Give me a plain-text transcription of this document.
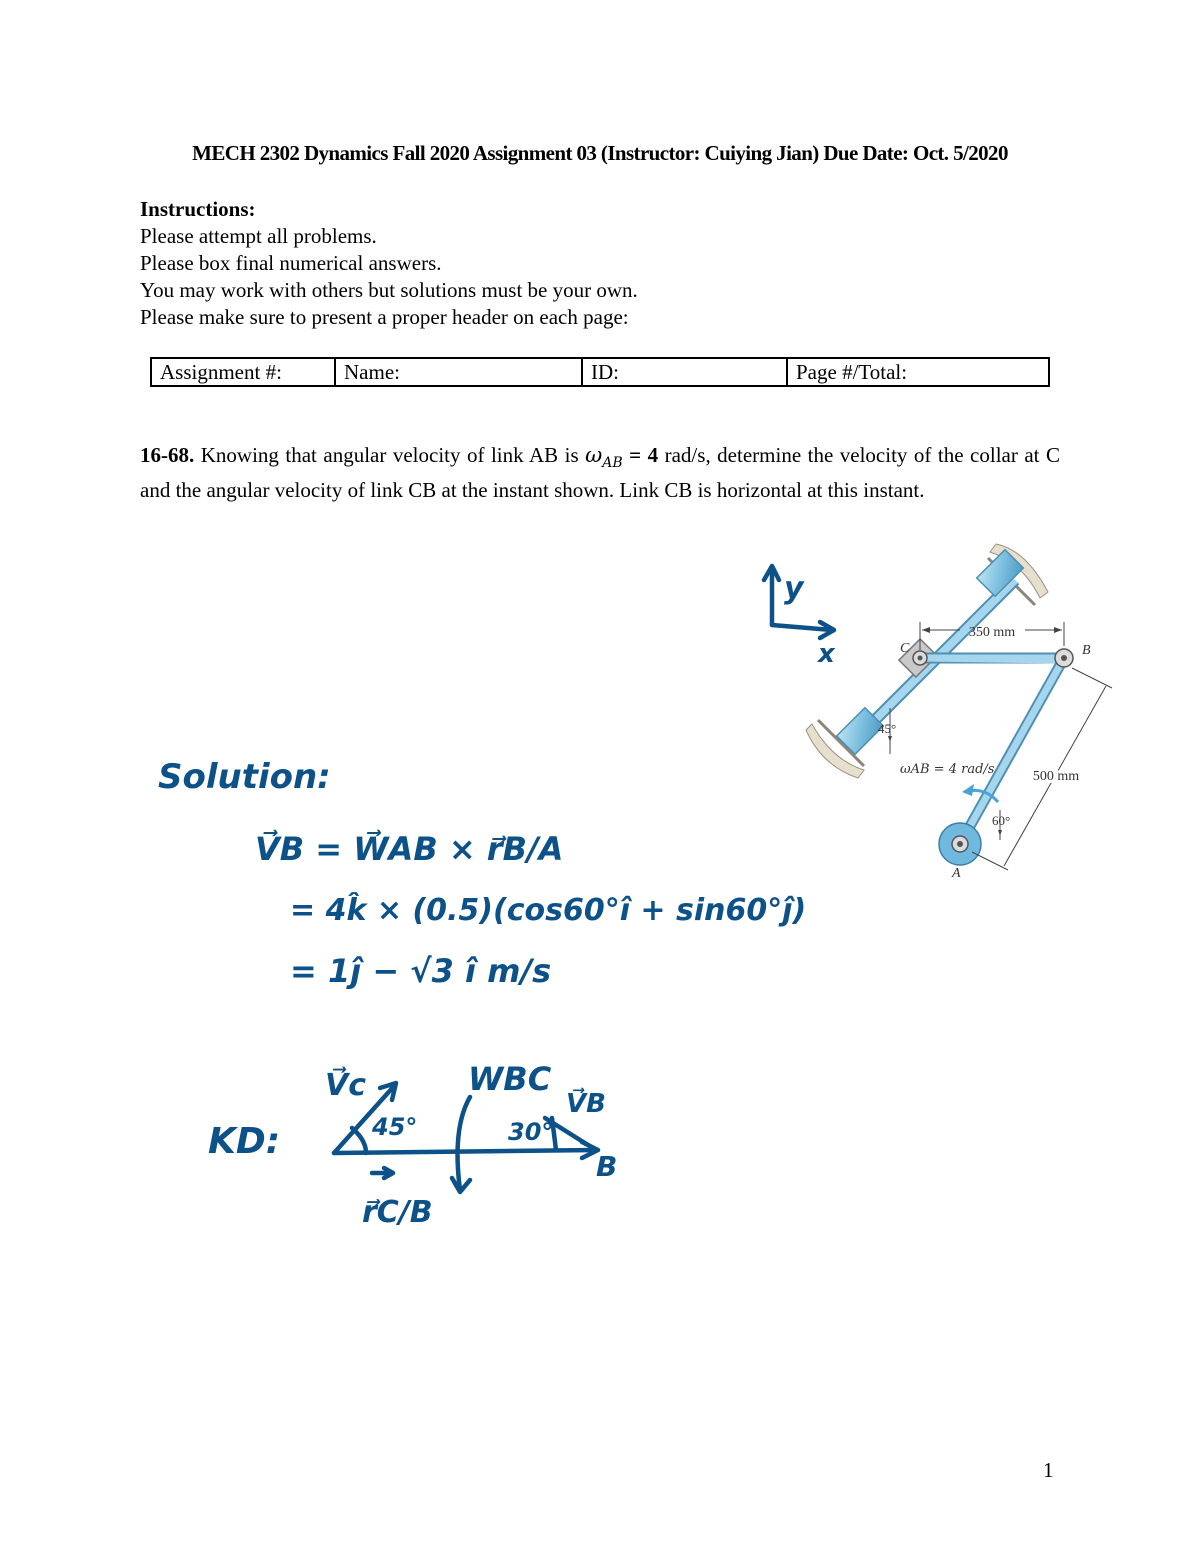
MECH 2302 Dynamics Fall 2020 Assignment 03 (Instructor: Cuiying Jian) Due Date: Oct. 5/2020
Instructions:
Please attempt all problems.
Please box final numerical answers.
You may work with others but solutions must be your own.
Please make sure to present a proper header on each page:
Assignment #:	Name:	ID:	Page #/Total:
16-68. Knowing that angular velocity of link AB is $\omega_{AB} = 4$ rad/s, determine the velocity of the collar at C and the angular velocity of link CB at the instant shown. Link CB is horizontal at this instant.
350 mm
500 mm
C	B
A
45°
ωAB = 4 rad/s
60°
y
x
Solution:
V⃗B = W⃗AB × r⃗B/A
= 4k̂ × (0.5)(cos60°î + sin60°ĵ)
= 1ĵ − √3 î m/s
KD:
V⃗c
45°
WBC
30°
V⃗B
B
r⃗C/B
1
